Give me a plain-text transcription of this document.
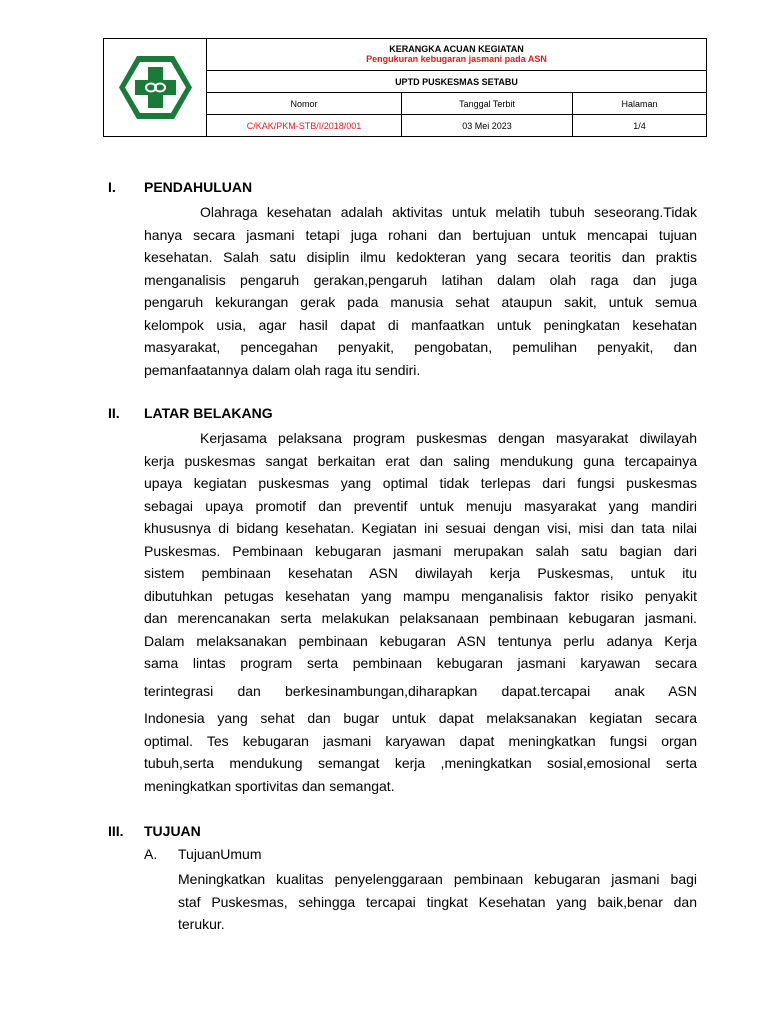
KERANGKA ACUAN KEGIATAN
Pengukuran kebugaran jasmani pada ASN
UPTD PUSKESMAS SETABU
Nomor	Tanggal Terbit	Halaman
C/KAK/PKM-STB/I/2018/001	03 Mei 2023	1/4
I. PENDAHULUAN
Olahraga kesehatan adalah aktivitas untuk melatih tubuh seseorang.Tidak
hanya secara jasmani tetapi juga rohani dan bertujuan untuk mencapai tujuan
kesehatan. Salah satu disiplin ilmu kedokteran yang secara teoritis dan praktis
menganalisis pengaruh gerakan,pengaruh latihan dalam olah raga dan juga
pengaruh kekurangan gerak pada manusia sehat ataupun sakit, untuk semua
kelompok usia, agar hasil dapat di manfaatkan untuk peningkatan kesehatan
masyarakat, pencegahan penyakit, pengobatan, pemulihan penyakit, dan
pemanfaatannya dalam olah raga itu sendiri.
II. LATAR BELAKANG
Kerjasama pelaksana program puskesmas dengan masyarakat diwilayah
kerja puskesmas sangat berkaitan erat dan saling mendukung guna tercapainya
upaya kegiatan puskesmas yang optimal tidak terlepas dari fungsi puskesmas
sebagai upaya promotif dan preventif untuk menuju masyarakat yang mandiri
khususnya di bidang kesehatan. Kegiatan ini sesuai dengan visi, misi dan tata nilai
Puskesmas. Pembinaan kebugaran jasmani merupakan salah satu bagian dari
sistem pembinaan kesehatan ASN diwilayah kerja Puskesmas, untuk itu
dibutuhkan petugas kesehatan yang mampu menganalisis faktor risiko penyakit
dan merencanakan serta melakukan pelaksanaan pembinaan kebugaran jasmani.
Dalam melaksanakan pembinaan kebugaran ASN tentunya perlu adanya Kerja
sama lintas program serta pembinaan kebugaran jasmani karyawan secara
terintegrasi dan berkesinambungan,diharapkan dapat.tercapai anak ASN
Indonesia yang sehat dan bugar untuk dapat melaksanakan kegiatan secara
optimal. Tes kebugaran jasmani karyawan dapat meningkatkan fungsi organ
tubuh,serta mendukung semangat kerja ,meningkatkan sosial,emosional serta
meningkatkan sportivitas dan semangat.
III. TUJUAN
A. TujuanUmum
Meningkatkan kualitas penyelenggaraan pembinaan kebugaran jasmani bagi
staf Puskesmas, sehingga tercapai tingkat Kesehatan yang baik,benar dan
terukur.
